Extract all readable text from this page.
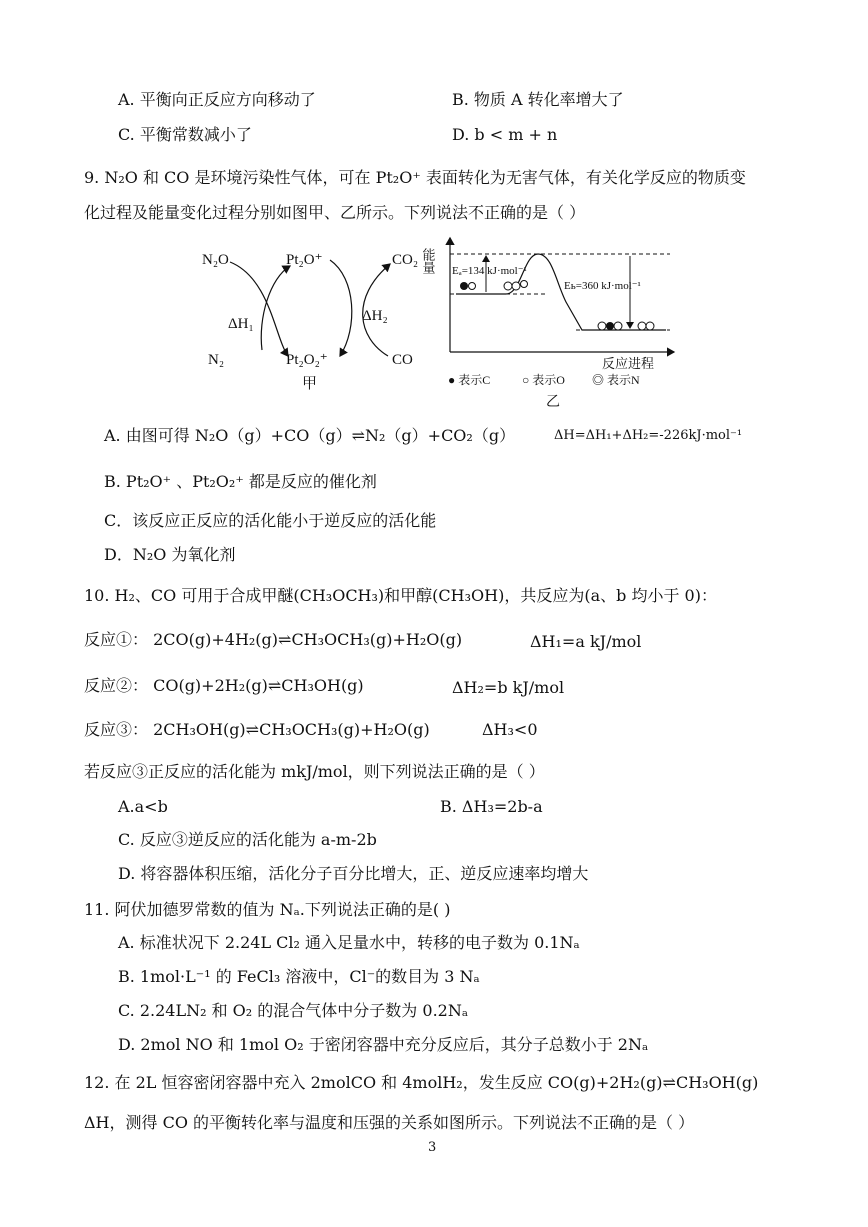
A. 平衡向正反应方向移动了	B. 物质 A 转化率增大了
C. 平衡常数减小了	D. b < m + n
9. N₂O 和 CO 是环境污染性气体，可在 Pt₂O⁺ 表面转化为无害气体，有关化学反应的物质变
化过程及能量变化过程分别如图甲、乙所示。下列说法不正确的是（ ）
N₂O	Pt₂O⁺	CO₂
ΔH₁	ΔH₂
N₂	Pt₂O₂⁺	CO
甲
能量 Eₐ=134 kJ·mol⁻¹
Eь=360 kJ·mol⁻¹
反应进程
● 表示C	○ 表示O ◎ 表示N
乙
A. 由图可得 N₂O（g）+CO（g）⇌N₂（g）+CO₂（g）	ΔH=ΔH₁+ΔH₂=-226kJ·mol⁻¹
B. Pt₂O⁺ 、Pt₂O₂⁺ 都是反应的催化剂
C．该反应正反应的活化能小于逆反应的活化能
D．N₂O 为氧化剂
10. H₂、CO 可用于合成甲醚(CH₃OCH₃)和甲醇(CH₃OH)，共反应为(a、b 均小于 0)：
反应①： 2CO(g)+4H₂(g)⇌CH₃OCH₃(g)+H₂O(g)	ΔH₁=a kJ/mol
反应②： CO(g)+2H₂(g)⇌CH₃OH(g)	ΔH₂=b kJ/mol
反应③： 2CH₃OH(g)⇌CH₃OCH₃(g)+H₂O(g)	ΔH₃<0
若反应③正反应的活化能为 mkJ/mol，则下列说法正确的是（ ）
A.a<b	B. ΔH₃=2b-a
C. 反应③逆反应的活化能为 a-m-2b
D. 将容器体积压缩，活化分子百分比增大，正、逆反应速率均增大
11. 阿伏加德罗常数的值为 Nₐ.下列说法正确的是( )
A. 标准状况下 2.24L Cl₂ 通入足量水中，转移的电子数为 0.1Nₐ
B. 1mol·L⁻¹ 的 FeCl₃ 溶液中，Cl⁻的数目为 3 Nₐ
C. 2.24LN₂ 和 O₂ 的混合气体中分子数为 0.2Nₐ
D. 2mol NO 和 1mol O₂ 于密闭容器中充分反应后，其分子总数小于 2Nₐ
12. 在 2L 恒容密闭容器中充入 2molCO 和 4molH₂，发生反应 CO(g)+2H₂(g)⇌CH₃OH(g)
ΔH，测得 CO 的平衡转化率与温度和压强的关系如图所示。下列说法不正确的是（ ）
3
